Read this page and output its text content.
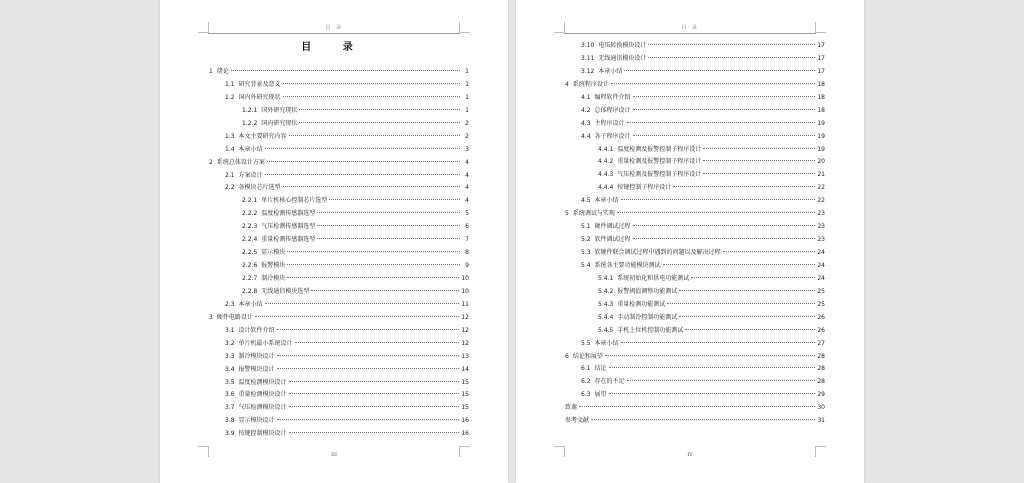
目 录
目 录
1 绪论	1
1.1 研究背景及意义	1
1.2 国内外研究现状	1
1.2.1 国外研究现状	1
1.2.2 国内研究现状	2
1.3 本文主要研究内容	2
1.4 本章小结	3
2 系统总体设计方案	4
2.1 方案设计	4
2.2 各模块芯片选型	4
2.2.1 单片机核心控制芯片选型	4
2.2.2 温度检测传感器选型	5
2.2.3 气压检测传感器选型	6
2.2.4 重量检测传感器选型	7
2.2.5 显示模块	8
2.2.6 报警模块	9
2.2.7 制冷模块	10
2.2.8 无线通信模块选型	10
2.3 本章小结	11
3 硬件电路设计	12
3.1 设计软件介绍	12
3.2 单片机最小系统设计	12
3.3 制冷模块设计	13
3.4 报警模块设计	14
3.5 温度检测模块设计	15
3.6 重量检测模块设计	15
3.7 气压检测模块设计	15
3.8 显示模块设计	16
3.9 按键控制模块设计	16
III
目 录
3.10 电压转换模块设计	17
3.11 无线通讯模块设计	17
3.12 本章小结	17
4 系统程序设计	18
4.1 编程软件介绍	18
4.2 总体程序设计	18
4.3 主程序设计	19
4.4 各子程序设计	19
4.4.1 温度检测及报警控制子程序设计	19
4.4.2 重量检测及报警控制子程序设计	20
4.4.3 气压检测及报警控制子程序设计	21
4.4.4 按键控制子程序设计	22
4.5 本章小结	22
5 系统调试与实现	23
5.1 硬件调试过程	23
5.2 软件调试过程	23
5.3 软硬件联合调试过程中遇到的问题以及解决过程	24
5.4 系统各主要功能模块测试	24
5.4.1 系统初始化和供电功能测试	24
5.4.2 报警阈值调整功能测试	25
5.4.3 重量检测功能测试	25
5.4.4 手动制冷控制功能测试	26
5.4.5 手机上位机控制功能测试	26
5.5 本章小结	27
6 结论和展望	28
6.1 结论	28
6.2 存在的不足	28
6.3 展望	29
致谢	30
参考文献	31
IV
